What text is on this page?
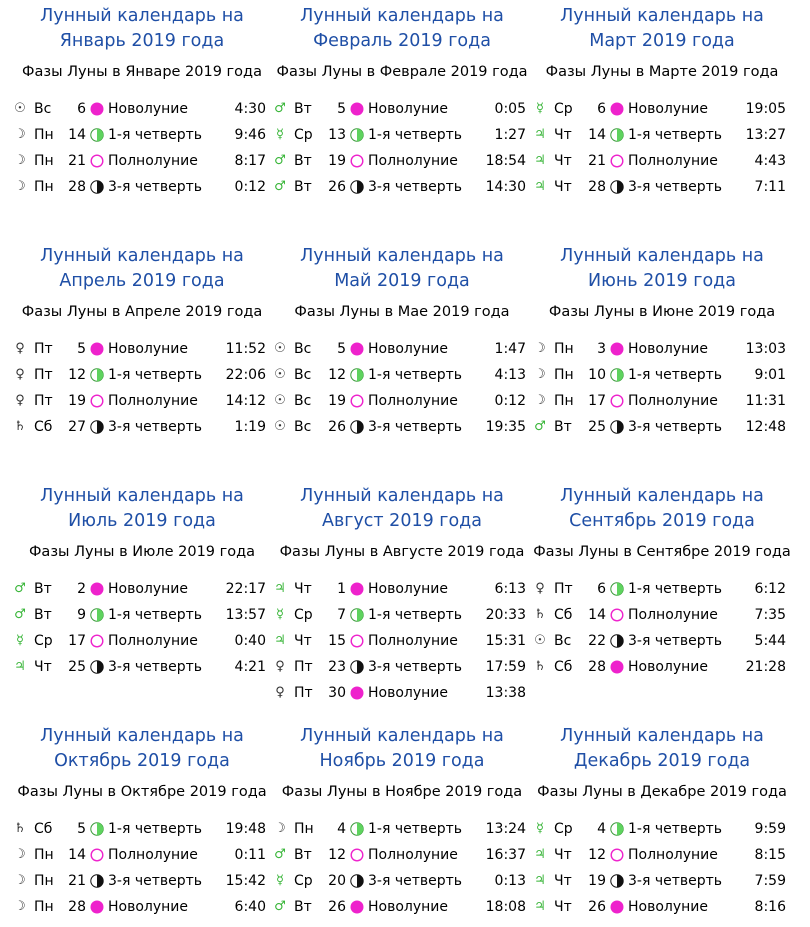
Лунный календарь на
Январь 2019 года
Фазы Луны в Январе 2019 года
☉ Вс	6 Новолуние	4:30
☽ Пн	14 1-я четверть 9:46
☽ Пн	21 Полнолуние	8:17
☽ Пн	28 3-я четверть 0:12
Лунный календарь на
Февраль 2019 года
Фазы Луны в Феврале 2019 года
♂ Вт	5 Новолуние	0:05
☿ Ср	13 1-я четверть 1:27
♂ Вт	19 Полнолуние 18:54
♂ Вт	26 3-я четверть 14:30
Лунный календарь на
Март 2019 года
Фазы Луны в Марте 2019 года
☿ Ср	6 Новолуние	19:05
♃ Чт	14 1-я четверть 13:27
♃ Чт	21 Полнолуние	4:43
♃ Чт	28 3-я четверть 7:11
Лунный календарь на
Апрель 2019 года
Фазы Луны в Апреле 2019 года
♀ Пт	5 Новолуние	11:52
♀ Пт	12 1-я четверть 22:06
♀ Пт	19 Полнолуние 14:12
♄ Сб	27 3-я четверть 1:19
Лунный календарь на
Май 2019 года
Фазы Луны в Мае 2019 года
☉ Вс	5 Новолуние	1:47
☉ Вс	12 1-я четверть 4:13
☉ Вс	19 Полнолуние	0:12
☉ Вс	26 3-я четверть 19:35
Лунный календарь на
Июнь 2019 года
Фазы Луны в Июне 2019 года
☽ Пн	3 Новолуние	13:03
☽ Пн	10 1-я четверть 9:01
☽ Пн	17 Полнолуние 11:31
♂ Вт	25 3-я четверть 12:48
Лунный календарь на
Июль 2019 года
Фазы Луны в Июле 2019 года
♂ Вт	2 Новолуние	22:17
♂ Вт	9 1-я четверть 13:57
☿ Ср	17 Полнолуние	0:40
♃ Чт	25 3-я четверть 4:21
Лунный календарь на
Август 2019 года
Фазы Луны в Августе 2019 года
♃ Чт	1 Новолуние	6:13
☿ Ср	7 1-я четверть 20:33
♃ Чт	15 Полнолуние 15:31
♀ Пт	23 3-я четверть 17:59
♀ Пт	30 Новолуние	13:38
Лунный календарь на
Сентябрь 2019 года
Фазы Луны в Сентябре 2019 года
♀ Пт	6 1-я четверть 6:12
♄ Сб	14 Полнолуние	7:35
☉ Вс	22 3-я четверть 5:44
♄ Сб	28 Новолуние	21:28
Лунный календарь на
Октябрь 2019 года
Фазы Луны в Октябре 2019 года
♄ Сб	5 1-я четверть 19:48
☽ Пн	14 Полнолуние	0:11
☽ Пн	21 3-я четверть 15:42
☽ Пн	28 Новолуние	6:40
Лунный календарь на
Ноябрь 2019 года
Фазы Луны в Ноябре 2019 года
☽ Пн	4 1-я четверть 13:24
♂ Вт	12 Полнолуние 16:37
☿ Ср	20 3-я четверть 0:13
♂ Вт	26 Новолуние	18:08
Лунный календарь на
Декабрь 2019 года
Фазы Луны в Декабре 2019 года
☿ Ср	4 1-я четверть 9:59
♃ Чт	12 Полнолуние	8:15
♃ Чт	19 3-я четверть 7:59
♃ Чт	26 Новолуние	8:16
